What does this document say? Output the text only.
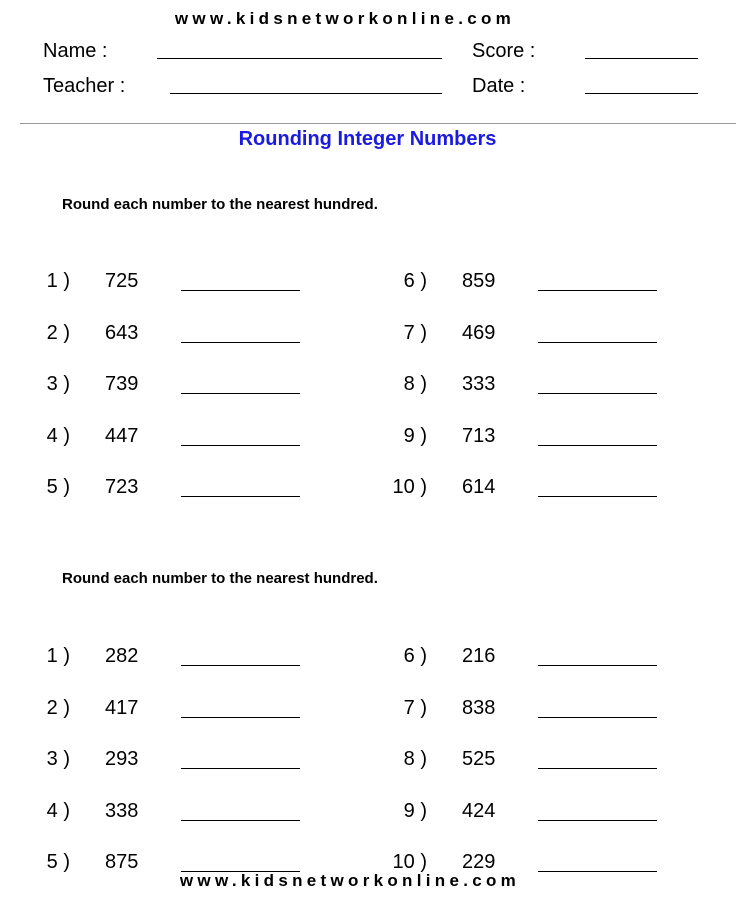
www.kidsnetworkonline.com
Name :	Score :
Teacher :	Date :
Rounding Integer Numbers
Round each number to the nearest hundred.
1 ) 725
2 ) 643
3 ) 739
4 ) 447
5 ) 723
6 ) 859
7 ) 469
8 ) 333
9 ) 713
10 ) 614
Round each number to the nearest hundred.
1 ) 282
2 ) 417
3 ) 293
4 ) 338
5 ) 875
6 ) 216
7 ) 838
8 ) 525
9 ) 424
10 ) 229
www.kidsnetworkonline.com
